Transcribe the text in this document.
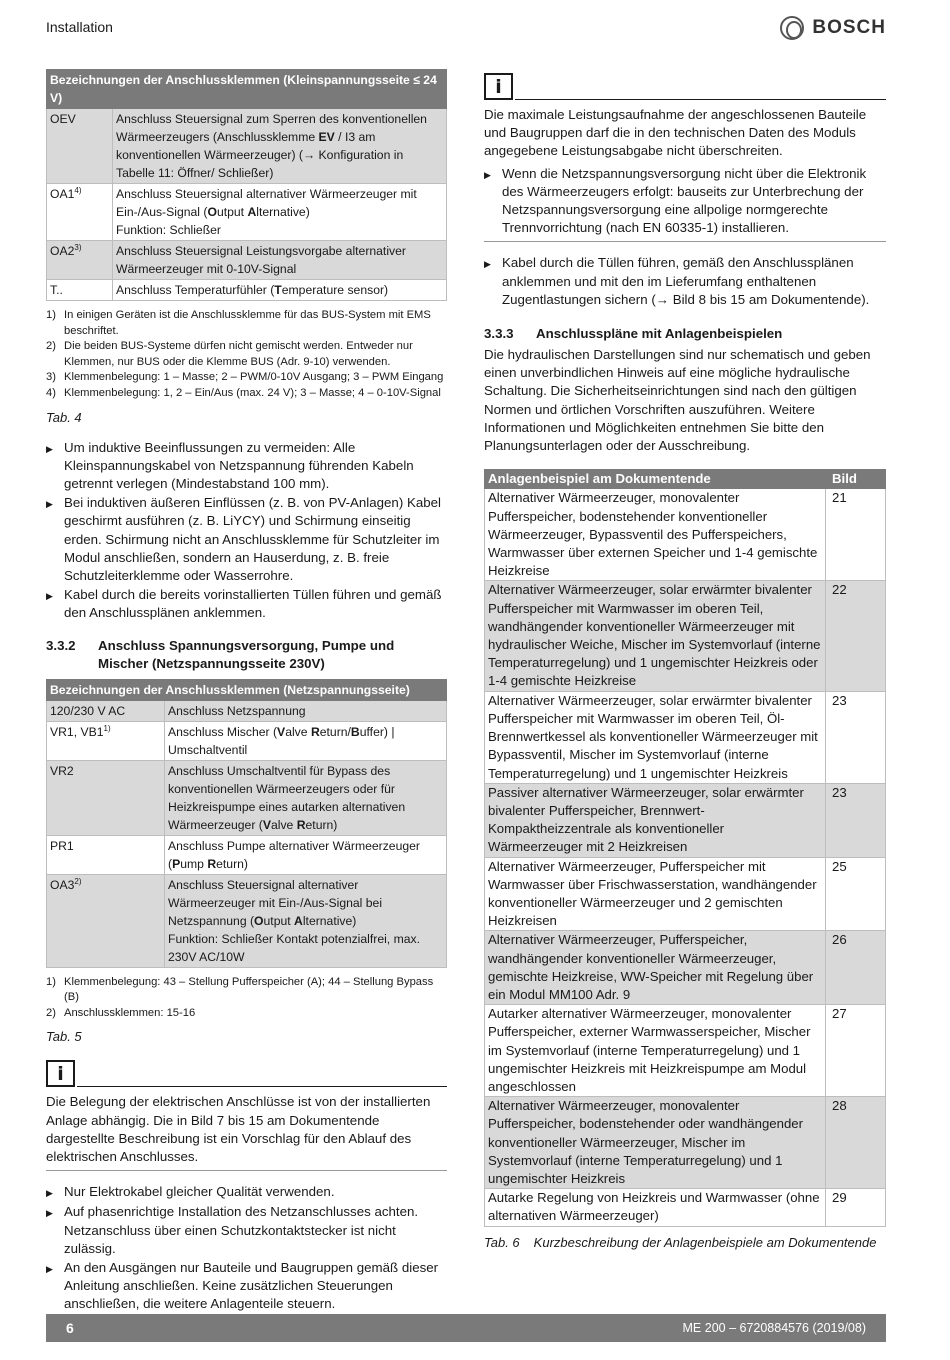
Installation	BOSCH
Bezeichnungen der Anschlussklemmen (Kleinspannungsseite ≤ 24 V)	
OEV	Anschluss Steuersignal zum Sperren des konventionellen Wärmeerzeugers (Anschlussklemme EV / I3 am konventionellen Wärmeerzeuger) (→ Konfiguration in Tabelle 11: Öffner/ Schließer)
OA1$^{4)}$	Anschluss Steuersignal alternativer Wärmeerzeuger mit Ein-/Aus-Signal (Output Alternative)
Funktion: Schließer
OA2$^{3)}$	Anschluss Steuersignal Leistungsvorgabe alternativer Wärmeerzeuger mit 0-10V-Signal
T..	Anschluss Temperaturfühler (Temperature sensor)
1) In einigen Geräten ist die Anschlussklemme für das BUS-System mit EMS beschriftet.
2) Die beiden BUS-Systeme dürfen nicht gemischt werden. Entweder nur Klemmen, nur BUS oder die Klemme BUS (Adr. 9-10) verwenden.
3) Klemmenbelegung: 1 – Masse; 2 – PWM/0-10V Ausgang; 3 – PWM Eingang
4) Klemmenbelegung: 1, 2 – Ein/Aus (max. 24 V); 3 – Masse; 4 – 0-10V-Signal
Tab. 4
▶ Um induktive Beeinflussungen zu vermeiden: Alle Kleinspannungskabel von Netzspannung führenden Kabeln getrennt verlegen (Mindestabstand 100 mm).
▶ Bei induktiven äußeren Einflüssen (z. B. von PV-Anlagen) Kabel geschirmt ausführen (z. B. LiYCY) und Schirmung einseitig erden. Schirmung nicht an Anschlussklemme für Schutzleiter im Modul anschließen, sondern an Hauserdung, z. B. freie Schutzleiterklemme oder Wasserrohre.
▶ Kabel durch die bereits vorinstallierten Tüllen führen und gemäß den Anschlussplänen anklemmen.
3.3.2	Anschluss Spannungsversorgung, Pumpe und Mischer (Netzspannungsseite 230V)
Bezeichnungen der Anschlussklemmen (Netzspannungsseite)	
120/230 V AC	Anschluss Netzspannung
VR1, VB1$^{1)}$	Anschluss Mischer (Valve Return/Buffer) | Umschaltventil
VR2	Anschluss Umschaltventil für Bypass des konventionellen Wärmeerzeugers oder für Heizkreispumpe eines autarken alternativen Wärmeerzeuger (Valve Return)
PR1	Anschluss Pumpe alternativer Wärmeerzeuger (Pump Return)
OA3$^{2)}$	Anschluss Steuersignal alternativer Wärmeerzeuger mit Ein-/Aus-Signal bei Netzspannung (Output Alternative)
Funktion: Schließer Kontakt potenzialfrei, max. 230V AC/10W
1) Klemmenbelegung: 43 – Stellung Pufferspeicher (A); 44 – Stellung Bypass (B)
2) Anschlussklemmen: 15-16
Tab. 5
i
Die Belegung der elektrischen Anschlüsse ist von der installierten Anlage abhängig. Die in Bild 7 bis 15 am Dokumentende dargestellte Beschreibung ist ein Vorschlag für den Ablauf des elektrischen Anschlusses.
▶ Nur Elektrokabel gleicher Qualität verwenden.
▶ Auf phasenrichtige Installation des Netzanschlusses achten. Netzanschluss über einen Schutzkontaktstecker ist nicht zulässig.
▶ An den Ausgängen nur Bauteile und Baugruppen gemäß dieser Anleitung anschließen. Keine zusätzlichen Steuerungen anschließen, die weitere Anlagenteile steuern.
i
Die maximale Leistungsaufnahme der angeschlossenen Bauteile und Baugruppen darf die in den technischen Daten des Moduls angegebene Leistungsabgabe nicht überschreiten.
▶ Wenn die Netzspannungsversorgung nicht über die Elektronik des Wärmeerzeugers erfolgt: bauseits zur Unterbrechung der Netzspannungsversorgung eine allpolige normgerechte Trennvorrichtung (nach EN 60335-1) installieren.
▶ Kabel durch die Tüllen führen, gemäß den Anschlussplänen anklemmen und mit den im Lieferumfang enthaltenen Zugentlastungen sichern (→ Bild 8 bis 15 am Dokumentende).
3.3.3	Anschlusspläne mit Anlagenbeispielen
Die hydraulischen Darstellungen sind nur schematisch und geben einen unverbindlichen Hinweis auf eine mögliche hydraulische Schaltung. Die Sicherheitseinrichtungen sind nach den gültigen Normen und örtlichen Vorschriften auszuführen. Weitere Informationen und Möglichkeiten entnehmen Sie bitte den Planungsunterlagen oder der Ausschreibung.
Anlagenbeispiel am Dokumentende	Bild
Alternativer Wärmeerzeuger, monovalenter Pufferspeicher, bodenstehender konventioneller Wärmeerzeuger, Bypassventil des Pufferspeichers, Warmwasser über externen Speicher und 1-4 gemischte Heizkreise	21
Alternativer Wärmeerzeuger, solar erwärmter bivalenter Pufferspeicher mit Warmwasser im oberen Teil, wandhängender konventioneller Wärmeerzeuger mit hydraulischer Weiche, Mischer im Systemvorlauf (interne Temperaturregelung) und 1 ungemischter Heizkreis oder 1-4 gemischte Heizkreise	22
Alternativer Wärmeerzeuger, solar erwärmter bivalenter Pufferspeicher mit Warmwasser im oberen Teil, Öl-Brennwertkessel als konventioneller Wärmeerzeuger mit Bypassventil, Mischer im Systemvorlauf (interne Temperaturregelung) und 1 ungemischter Heizkreis	23
Passiver alternativer Wärmeerzeuger, solar erwärmter bivalenter Pufferspeicher, Brennwert-Kompaktheizzentrale als konventioneller Wärmeerzeuger mit 2 Heizkreisen	23
Alternativer Wärmeerzeuger, Pufferspeicher mit Warmwasser über Frischwasserstation, wandhängender konventioneller Wärmeerzeuger und 2 gemischten Heizkreisen	25
Alternativer Wärmeerzeuger, Pufferspeicher, wandhängender konventioneller Wärmeerzeuger, gemischte Heizkreise, WW-Speicher mit Regelung über ein Modul MM100 Adr. 9	26
Autarker alternativer Wärmeerzeuger, monovalenter Pufferspeicher, externer Warmwasserspeicher, Mischer im Systemvorlauf (interne Temperaturregelung) und 1 ungemischter Heizkreis mit Heizkreispumpe am Modul angeschlossen	27
Alternativer Wärmeerzeuger, monovalenter Pufferspeicher, bodenstehender oder wandhängender konventioneller Wärmeerzeuger, Mischer im Systemvorlauf (interne Temperaturregelung) und 1 ungemischter Heizkreis	28
Autarke Regelung von Heizkreis und Warmwasser (ohne alternativen Wärmeerzeuger)	29
Tab. 6 Kurzbeschreibung der Anlagenbeispiele am Dokumentende
6	ME 200 – 6720884576 (2019/08)
